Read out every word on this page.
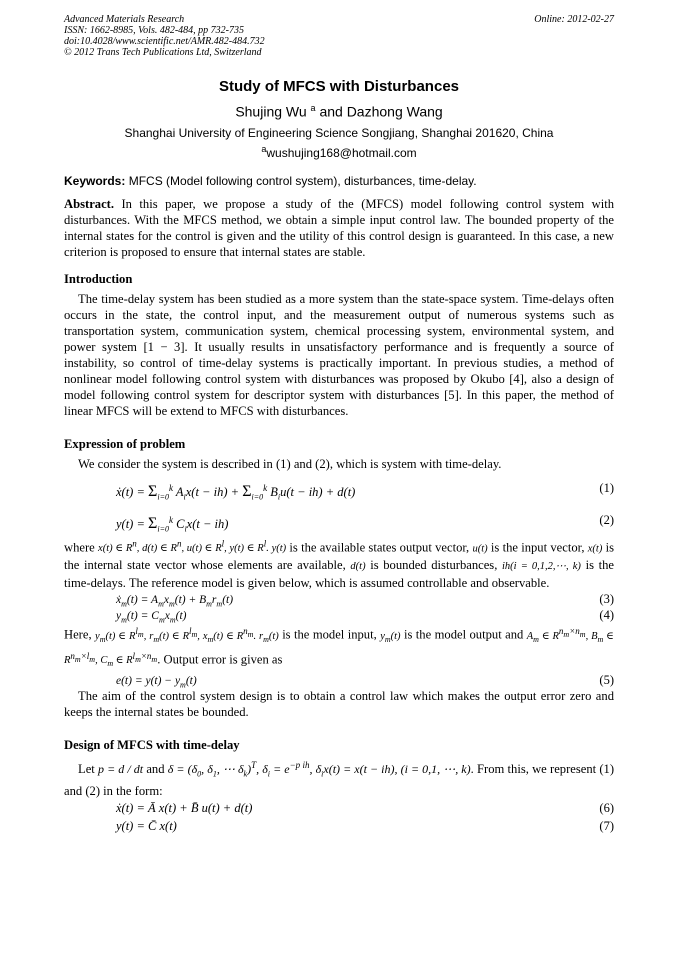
Advanced Materials Research
ISSN: 1662-8985, Vols. 482-484, pp 732-735
doi:10.4028/www.scientific.net/AMR.482-484.732
© 2012 Trans Tech Publications Ltd, Switzerland
Online: 2012-02-27
Study of MFCS with Disturbances
Shujing Wu $^a$ and Dazhong Wang
Shanghai University of Engineering Science Songjiang, Shanghai 201620, China
$^a$wushujing168@hotmail.com
Keywords: MFCS (Model following control system), disturbances, time-delay.

Abstract. In this paper, we propose a study of the (MFCS) model following control system with disturbances. With the MFCS method, we obtain a simple input control law. The bounded property of the internal states for the control is given and the utility of this control design is guaranteed. In this case, a new criterion is proposed to ensure that internal states are stable.

Introduction

The time-delay system has been studied as a more system than the state-space system. Time-delays often occurs in the state, the control input, and the measurement output of numerous systems such as transportation system, communication system, chemical processing system, environmental system, and power system [1 − 3]. It usually results in unsatisfactory performance and is frequently a source of instability, so control of time-delay systems is practically important. In previous studies, a method of nonlinear model following control system with disturbances was proposed by Okubo [4], also a design of model following control system for descriptor system with disturbances [5]. In this paper, the method of linear MFCS will be extend to MFCS with disturbances.

Expression of problem

We consider the system is described in (1) and (2), which is system with time-delay.

ẋ(t) = $\Sigma_{i=0}^k$ $A_ix(t - ih) + \Sigma_{i=0}^k$ $B_iu(t - ih) + d(t)$	(1)
$y(t) = \Sigma_{i=0}^k$ $C_ix(t - ih)$	(2)

where x(t) ∈ $R^n$, d(t) ∈ $R^n$, u(t) ∈ $R^l$, y(t) ∈ $R^l$. y(t) is the available states output vector, u(t) is the input vector, x(t) is the internal state vector whose elements are available, d(t) is bounded disturbances, ih(i = 0,1,2,⋯, k) is the time-delays. The reference model is given below, which is assumed controllable and observable.

ẋ$_m$(t) = $A_mx_m(t) + B_mr_m(t)$	(3)
$y_m(t) = C_mx_m(t)$	(4)

Here, $y_m(t)$ ∈ $R^{l_m}$, $r_m(t)$ ∈ $R^{l_m}$, $x_m(t)$ ∈ $R^{n_m}$. $r_m(t)$ is the model input, $y_m(t)$ is the model output and $A_m$ ∈ $R^{n_m\times n_m}$, $B_m$ ∈ $R^{n_m\times l_m}$, $C_m$ ∈ $R^{l_m\times n_m}$. Output error is given as

$e(t) = y(t) - y_m(t)$	(5)

The aim of the control system design is to obtain a control law which makes the output error zero and keeps the internal states be bounded.

Design of MFCS with time-delay

Let p = d / dt and $\delta = (\delta_0$, $\delta_1$, ⋯ $\delta_k)^T$, $\delta_i = e^{-p ih}$, $\delta_ix(t) = x(t - ih)$, (i = 0,1, ⋯, k). From this, we represent (1) and (2) in the form:

ẋ(t) = Ā x(t) + B̄ u(t) + d(t)	(6)
y(t) = C̄ x(t)	(7)
